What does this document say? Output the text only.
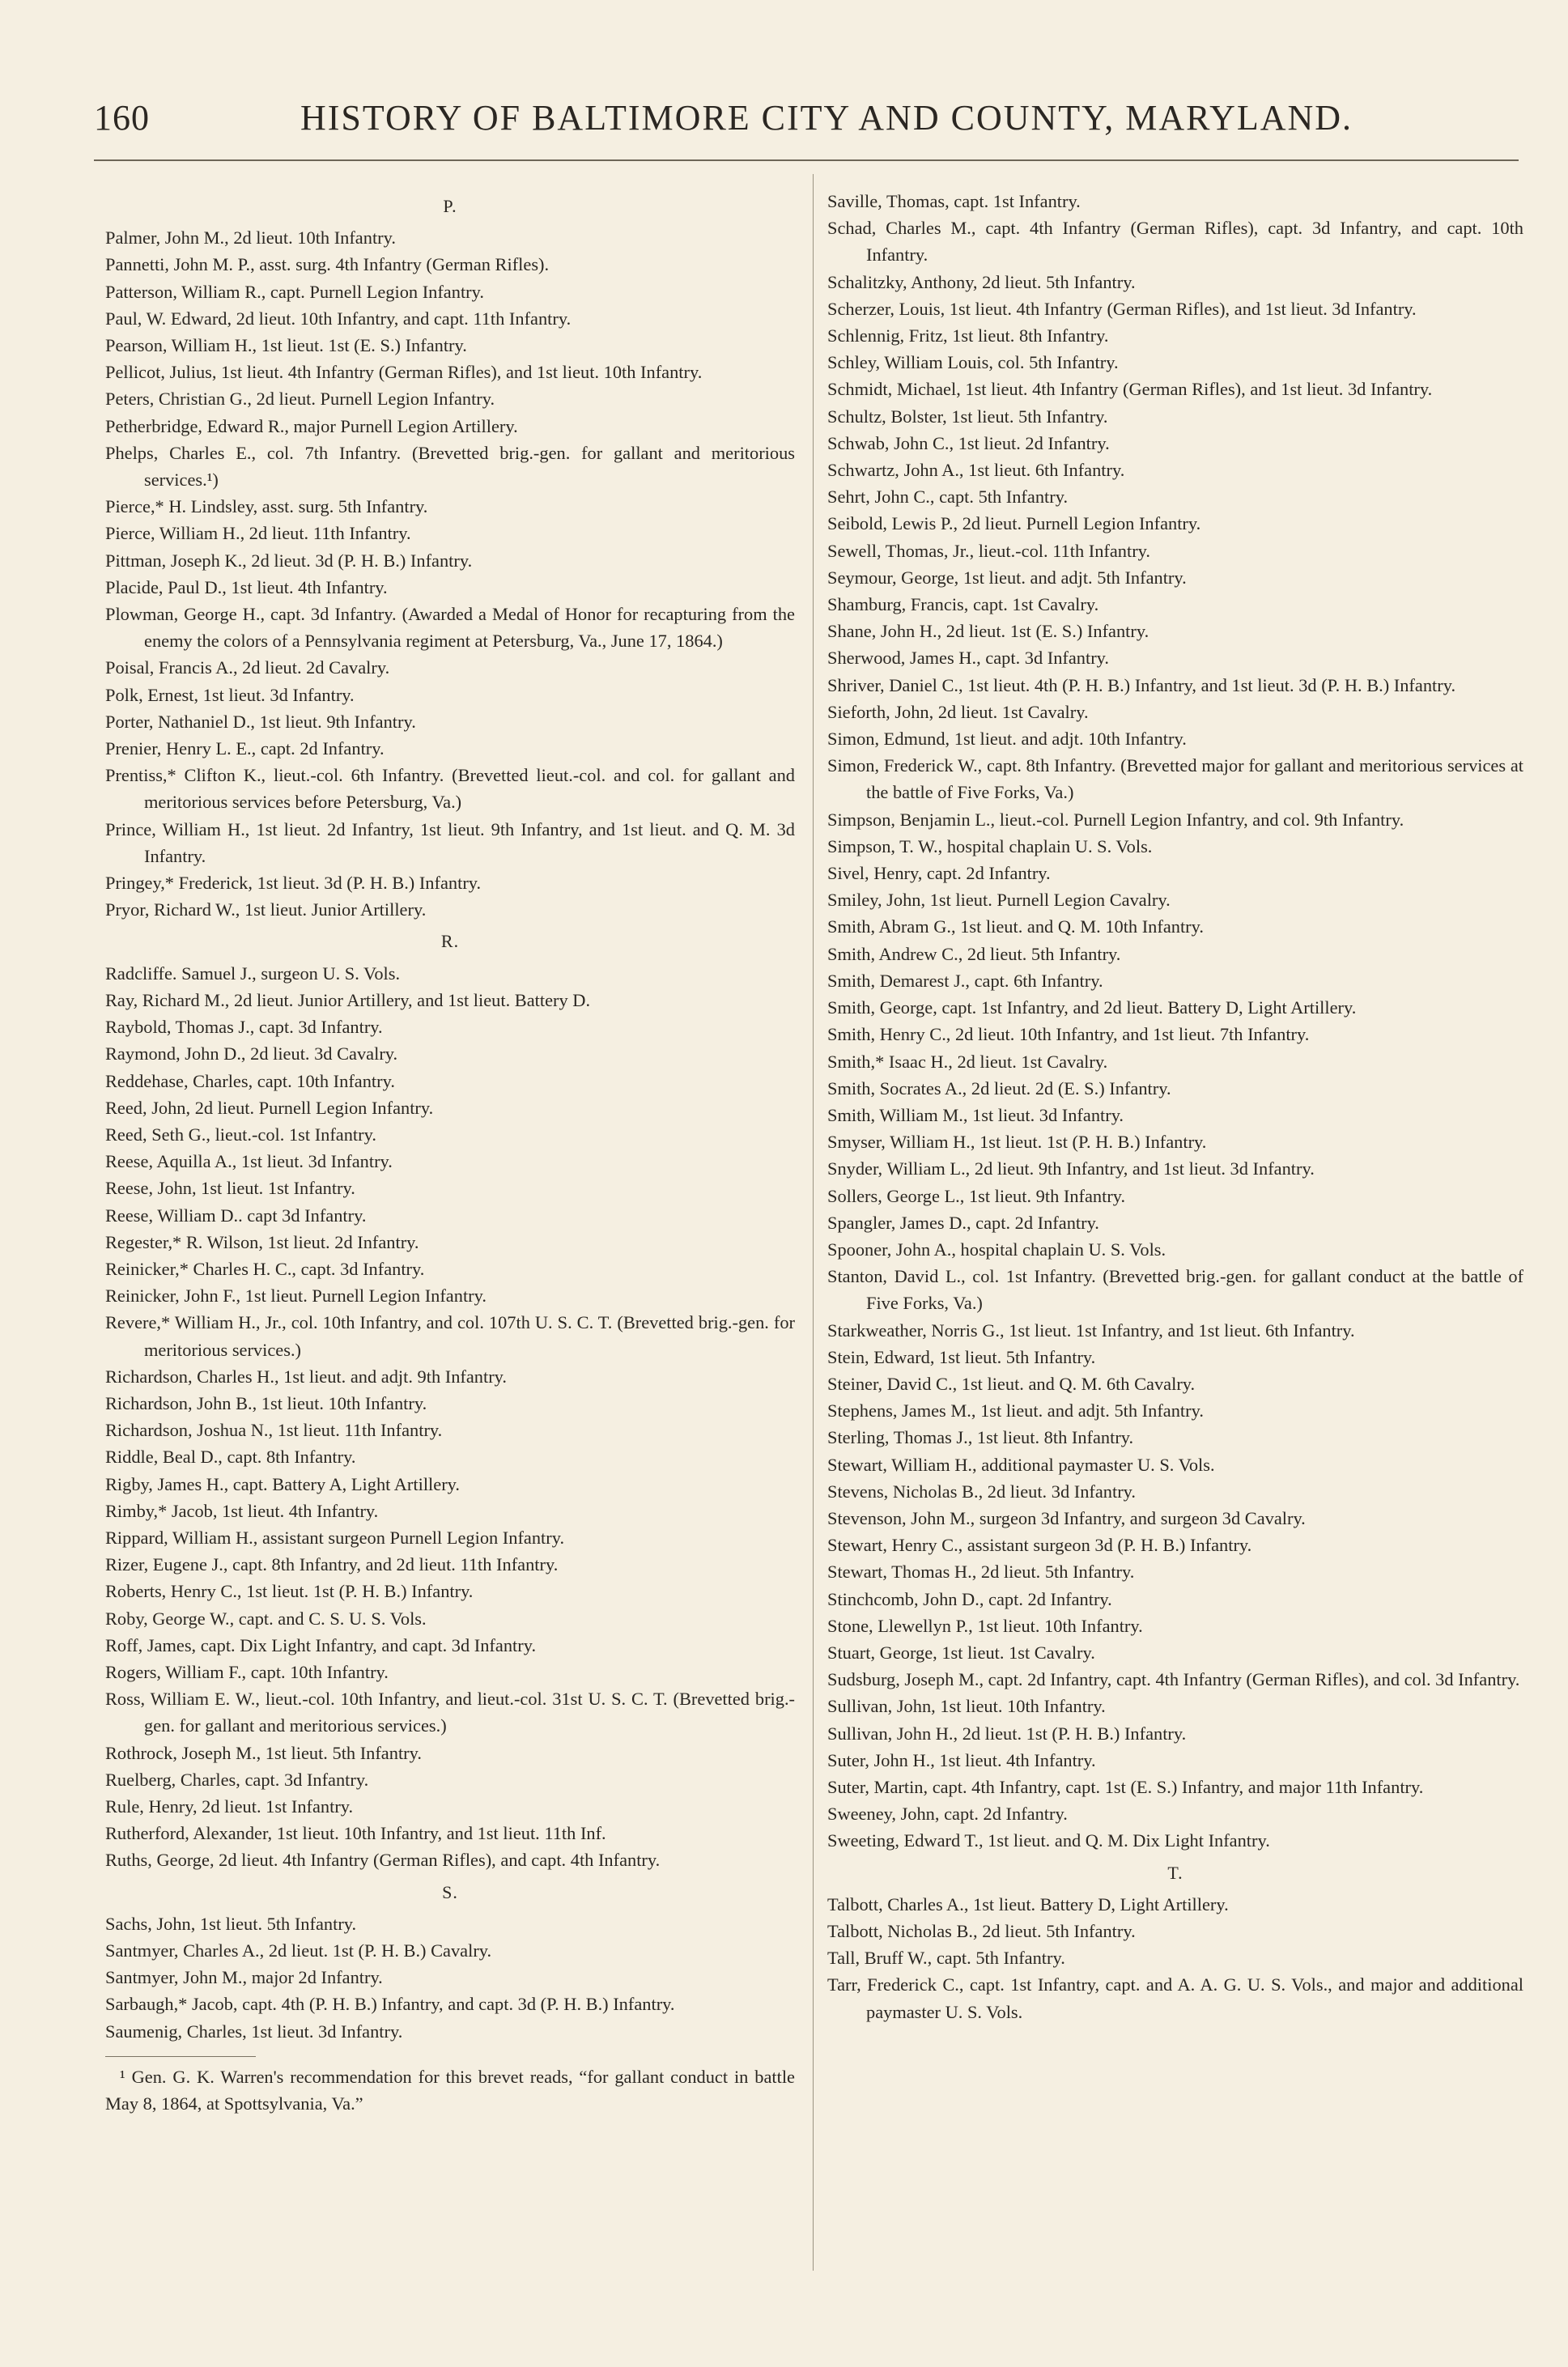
160	HISTORY OF BALTIMORE CITY AND COUNTY, MARYLAND.
P.

Palmer, John M., 2d lieut. 10th Infantry.

Pannetti, John M. P., asst. surg. 4th Infantry (German Rifles).

Patterson, William R., capt. Purnell Legion Infantry.

Paul, W. Edward, 2d lieut. 10th Infantry, and capt. 11th Infantry.

Pearson, William H., 1st lieut. 1st (E. S.) Infantry.

Pellicot, Julius, 1st lieut. 4th Infantry (German Rifles), and 1st lieut. 10th Infantry.

Peters, Christian G., 2d lieut. Purnell Legion Infantry.

Petherbridge, Edward R., major Purnell Legion Artillery.

Phelps, Charles E., col. 7th Infantry. (Brevetted brig.-gen. for gallant and meritorious services.¹)

Pierce,* H. Lindsley, asst. surg. 5th Infantry.

Pierce, William H., 2d lieut. 11th Infantry.

Pittman, Joseph K., 2d lieut. 3d (P. H. B.) Infantry.

Placide, Paul D., 1st lieut. 4th Infantry.

Plowman, George H., capt. 3d Infantry. (Awarded a Medal of Honor for recapturing from the enemy the colors of a Pennsylvania regiment at Petersburg, Va., June 17, 1864.)

Poisal, Francis A., 2d lieut. 2d Cavalry.

Polk, Ernest, 1st lieut. 3d Infantry.

Porter, Nathaniel D., 1st lieut. 9th Infantry.

Prenier, Henry L. E., capt. 2d Infantry.

Prentiss,* Clifton K., lieut.-col. 6th Infantry. (Brevetted lieut.-col. and col. for gallant and meritorious services before Petersburg, Va.)

Prince, William H., 1st lieut. 2d Infantry, 1st lieut. 9th Infantry, and 1st lieut. and Q. M. 3d Infantry.

Pringey,* Frederick, 1st lieut. 3d (P. H. B.) Infantry.

Pryor, Richard W., 1st lieut. Junior Artillery.

R.

Radcliffe. Samuel J., surgeon U. S. Vols.

Ray, Richard M., 2d lieut. Junior Artillery, and 1st lieut. Battery D.

Raybold, Thomas J., capt. 3d Infantry.

Raymond, John D., 2d lieut. 3d Cavalry.

Reddehase, Charles, capt. 10th Infantry.

Reed, John, 2d lieut. Purnell Legion Infantry.

Reed, Seth G., lieut.-col. 1st Infantry.

Reese, Aquilla A., 1st lieut. 3d Infantry.

Reese, John, 1st lieut. 1st Infantry.

Reese, William D.. capt 3d Infantry.

Regester,* R. Wilson, 1st lieut. 2d Infantry.

Reinicker,* Charles H. C., capt. 3d Infantry.

Reinicker, John F., 1st lieut. Purnell Legion Infantry.

Revere,* William H., Jr., col. 10th Infantry, and col. 107th U. S. C. T. (Brevetted brig.-gen. for meritorious services.)

Richardson, Charles H., 1st lieut. and adjt. 9th Infantry.

Richardson, John B., 1st lieut. 10th Infantry.

Richardson, Joshua N., 1st lieut. 11th Infantry.

Riddle, Beal D., capt. 8th Infantry.

Rigby, James H., capt. Battery A, Light Artillery.

Rimby,* Jacob, 1st lieut. 4th Infantry.

Rippard, William H., assistant surgeon Purnell Legion Infantry.

Rizer, Eugene J., capt. 8th Infantry, and 2d lieut. 11th Infantry.

Roberts, Henry C., 1st lieut. 1st (P. H. B.) Infantry.

Roby, George W., capt. and C. S. U. S. Vols.

Roff, James, capt. Dix Light Infantry, and capt. 3d Infantry.

Rogers, William F., capt. 10th Infantry.

Ross, William E. W., lieut.-col. 10th Infantry, and lieut.-col. 31st U. S. C. T. (Brevetted brig.-gen. for gallant and meritorious services.)

Rothrock, Joseph M., 1st lieut. 5th Infantry.

Ruelberg, Charles, capt. 3d Infantry.

Rule, Henry, 2d lieut. 1st Infantry.

Rutherford, Alexander, 1st lieut. 10th Infantry, and 1st lieut. 11th Inf.

Ruths, George, 2d lieut. 4th Infantry (German Rifles), and capt. 4th Infantry.

S.

Sachs, John, 1st lieut. 5th Infantry.

Santmyer, Charles A., 2d lieut. 1st (P. H. B.) Cavalry.

Santmyer, John M., major 2d Infantry.

Sarbaugh,* Jacob, capt. 4th (P. H. B.) Infantry, and capt. 3d (P. H. B.) Infantry.

Saumenig, Charles, 1st lieut. 3d Infantry.

¹ Gen. G. K. Warren's recommendation for this brevet reads, “for gallant conduct in battle May 8, 1864, at Spottsylvania, Va.”

Saville, Thomas, capt. 1st Infantry.

Schad, Charles M., capt. 4th Infantry (German Rifles), capt. 3d Infantry, and capt. 10th Infantry.

Schalitzky, Anthony, 2d lieut. 5th Infantry.

Scherzer, Louis, 1st lieut. 4th Infantry (German Rifles), and 1st lieut. 3d Infantry.

Schlennig, Fritz, 1st lieut. 8th Infantry.

Schley, William Louis, col. 5th Infantry.

Schmidt, Michael, 1st lieut. 4th Infantry (German Rifles), and 1st lieut. 3d Infantry.

Schultz, Bolster, 1st lieut. 5th Infantry.

Schwab, John C., 1st lieut. 2d Infantry.

Schwartz, John A., 1st lieut. 6th Infantry.

Sehrt, John C., capt. 5th Infantry.

Seibold, Lewis P., 2d lieut. Purnell Legion Infantry.

Sewell, Thomas, Jr., lieut.-col. 11th Infantry.

Seymour, George, 1st lieut. and adjt. 5th Infantry.

Shamburg, Francis, capt. 1st Cavalry.

Shane, John H., 2d lieut. 1st (E. S.) Infantry.

Sherwood, James H., capt. 3d Infantry.

Shriver, Daniel C., 1st lieut. 4th (P. H. B.) Infantry, and 1st lieut. 3d (P. H. B.) Infantry.

Sieforth, John, 2d lieut. 1st Cavalry.

Simon, Edmund, 1st lieut. and adjt. 10th Infantry.

Simon, Frederick W., capt. 8th Infantry. (Brevetted major for gallant and meritorious services at the battle of Five Forks, Va.)

Simpson, Benjamin L., lieut.-col. Purnell Legion Infantry, and col. 9th Infantry.

Simpson, T. W., hospital chaplain U. S. Vols.

Sivel, Henry, capt. 2d Infantry.

Smiley, John, 1st lieut. Purnell Legion Cavalry.

Smith, Abram G., 1st lieut. and Q. M. 10th Infantry.

Smith, Andrew C., 2d lieut. 5th Infantry.

Smith, Demarest J., capt. 6th Infantry.

Smith, George, capt. 1st Infantry, and 2d lieut. Battery D, Light Artillery.

Smith, Henry C., 2d lieut. 10th Infantry, and 1st lieut. 7th Infantry.

Smith,* Isaac H., 2d lieut. 1st Cavalry.

Smith, Socrates A., 2d lieut. 2d (E. S.) Infantry.

Smith, William M., 1st lieut. 3d Infantry.

Smyser, William H., 1st lieut. 1st (P. H. B.) Infantry.

Snyder, William L., 2d lieut. 9th Infantry, and 1st lieut. 3d Infantry.

Sollers, George L., 1st lieut. 9th Infantry.

Spangler, James D., capt. 2d Infantry.

Spooner, John A., hospital chaplain U. S. Vols.

Stanton, David L., col. 1st Infantry. (Brevetted brig.-gen. for gallant conduct at the battle of Five Forks, Va.)

Starkweather, Norris G., 1st lieut. 1st Infantry, and 1st lieut. 6th Infantry.

Stein, Edward, 1st lieut. 5th Infantry.

Steiner, David C., 1st lieut. and Q. M. 6th Cavalry.

Stephens, James M., 1st lieut. and adjt. 5th Infantry.

Sterling, Thomas J., 1st lieut. 8th Infantry.

Stewart, William H., additional paymaster U. S. Vols.

Stevens, Nicholas B., 2d lieut. 3d Infantry.

Stevenson, John M., surgeon 3d Infantry, and surgeon 3d Cavalry.

Stewart, Henry C., assistant surgeon 3d (P. H. B.) Infantry.

Stewart, Thomas H., 2d lieut. 5th Infantry.

Stinchcomb, John D., capt. 2d Infantry.

Stone, Llewellyn P., 1st lieut. 10th Infantry.

Stuart, George, 1st lieut. 1st Cavalry.

Sudsburg, Joseph M., capt. 2d Infantry, capt. 4th Infantry (German Rifles), and col. 3d Infantry.

Sullivan, John, 1st lieut. 10th Infantry.

Sullivan, John H., 2d lieut. 1st (P. H. B.) Infantry.

Suter, John H., 1st lieut. 4th Infantry.

Suter, Martin, capt. 4th Infantry, capt. 1st (E. S.) Infantry, and major 11th Infantry.

Sweeney, John, capt. 2d Infantry.

Sweeting, Edward T., 1st lieut. and Q. M. Dix Light Infantry.

T.

Talbott, Charles A., 1st lieut. Battery D, Light Artillery.

Talbott, Nicholas B., 2d lieut. 5th Infantry.

Tall, Bruff W., capt. 5th Infantry.

Tarr, Frederick C., capt. 1st Infantry, capt. and A. A. G. U. S. Vols., and major and additional paymaster U. S. Vols.
